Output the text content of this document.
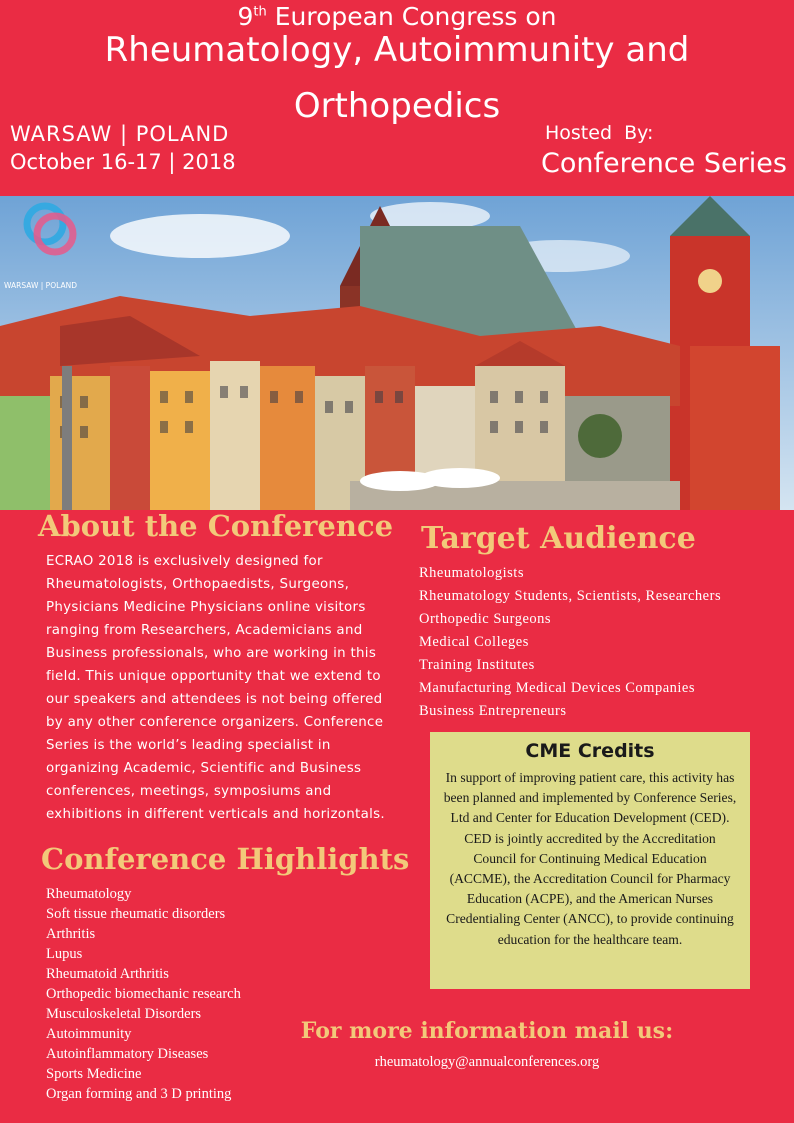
9th European Congress on
Rheumatology, Autoimmunity and
Orthopedics
WARSAW | POLAND
October 16-17 | 2018
Hosted  By:
Conference Series
WARSAW | POLAND
About the Conference
ECRAO 2018 is exclusively designed for Rheumatologists, Orthopaedists, Surgeons, Physicians Medicine Physicians online visitors ranging from Researchers, Academicians and Business professionals, who are working in this field. This unique opportunity that we extend to our speakers and attendees is not being offered by any other conference organizers. Conference Series is the world’s leading specialist in organizing Academic, Scientific and Business conferences, meetings, symposiums and exhibitions in different verticals and horizontals.
Conference Highlights
Rheumatology
Soft tissue rheumatic disorders
Arthritis
Lupus
Rheumatoid Arthritis
Orthopedic biomechanic research
Musculoskeletal Disorders
Autoimmunity
Autoinflammatory Diseases
Sports Medicine
Organ forming and 3 D printing
Target Audience
Rheumatologists
Rheumatology Students, Scientists, Researchers
Orthopedic Surgeons
Medical Colleges
Training Institutes
Manufacturing Medical Devices Companies
Business Entrepreneurs
CME Credits
In support of improving patient care, this activity has been planned and implemented by Conference Series, Ltd and Center for Education Development (CED). CED is jointly accredited by the Accreditation Council for Continuing Medical Education (ACCME), the Accreditation Council for Pharmacy Education (ACPE), and the American Nurses Credentialing Center (ANCC), to provide continuing education for the healthcare team.
For more information mail us:
rheumatology@annualconferences.org
